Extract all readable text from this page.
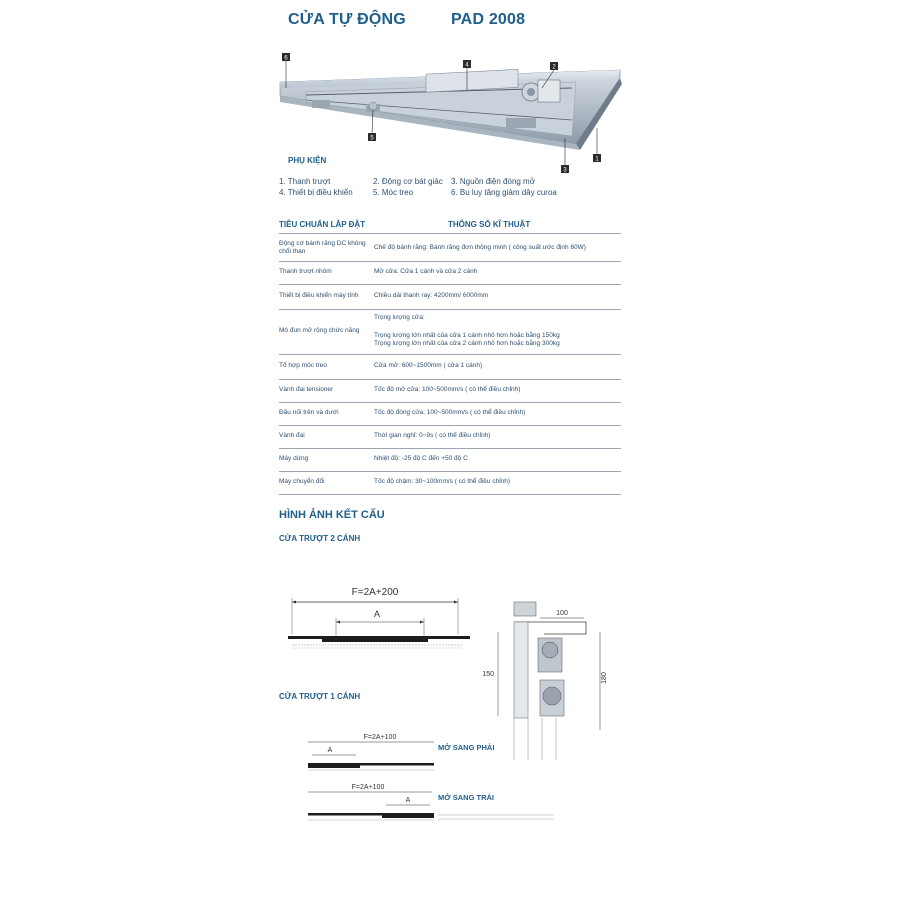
CỬA TỰ ĐỘNG	PAD 2008
6
4	2
5
3
1
PHỤ KIỆN
1. Thanh trượt
4. Thiết bị điều khiển
2. Động cơ bát giác
5. Móc treo
3. Nguồn điện đóng mở
6. Bu luy tăng giảm dây curoa
TIÊU CHUẨN LẮP ĐẶT	THÔNG SỐ KĨ THUẬT
Động cơ bánh răng DC không chổi than	Chế độ bánh răng: Bánh răng đơn thông minh ( công suất ước định 60W)
Thanh trượt nhôm	Mở cửa: Cửa 1 cánh và cửa 2 cánh
Thiết bị điều khiển máy tính	Chiều dài thanh ray: 4200mm/ 6000mm
Mô đun mở rộng chức năng	Trọng lượng cửa:
Trọng lượng lớn nhất của cửa 1 cánh nhỏ hơn hoặc bằng 150kg
Trọng lượng lớn nhất của cửa 2 cánh nhỏ hơn hoặc bằng 300kg

Tổ hợp móc treo	Cửa mở: 600~1500mm ( cửa 1 cánh)
Vành đai tensioner	Tốc độ mở cửa: 100~500mm/s ( có thể điều chỉnh)
Đầu nối trên và dưới	Tốc độ đóng cửa: 100~500mm/s ( có thể điều chỉnh)
Vành đai	Thời gian nghỉ: 0~9s ( có thể điều chỉnh)
Máy dừng	Nhiệt độ: -25 độ C đến +50 độ C
Máy chuyển đổi	Tốc độ chậm: 30~100mm/s ( có thể điều chỉnh)
HÌNH ẢNH KẾT CẤU
CỬA TRƯỢT 2 CÁNH
F=2A+200
A	100
150	180
CỬA TRƯỢT 1 CÁNH
F=2A+100
A	MỞ SANG PHẢI
F=2A+100
A	MỞ SANG TRÁI
